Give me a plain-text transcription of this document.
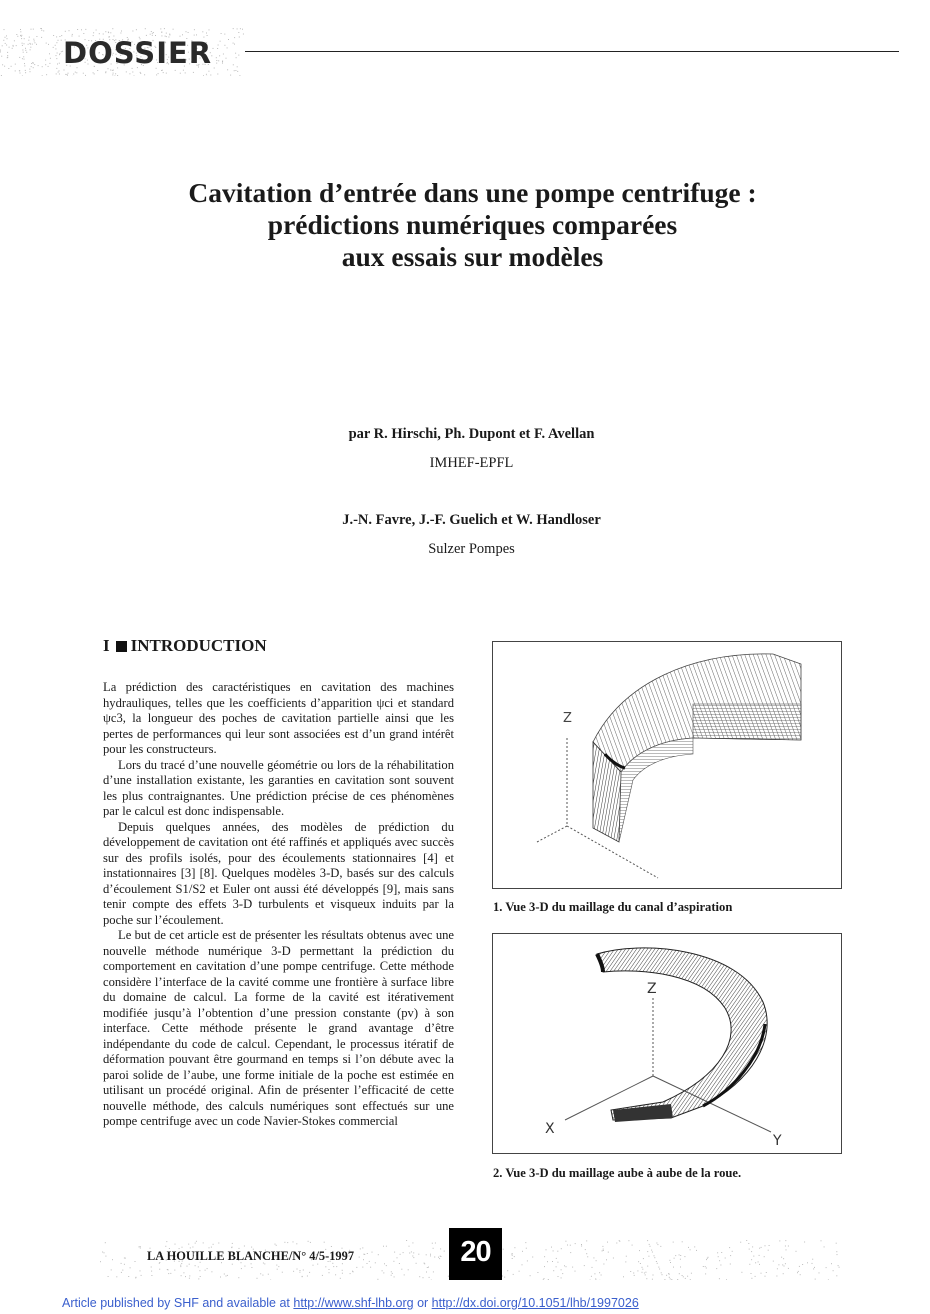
DOSSIER
Cavitation d’entrée dans une pompe centrifuge :
prédictions numériques comparées
aux essais sur modèles
par R. Hirschi, Ph. Dupont et F. Avellan
IMHEF-EPFL
J.-N. Favre, J.-F. Guelich et W. Handloser
Sulzer Pompes
I INTRODUCTION

La prédiction des caractéristiques en cavitation des machines hydrauliques, telles que les coefficients d’apparition ψci et standard ψc3, la longueur des poches de cavitation partielle ainsi que les pertes de performances qui leur sont associées est d’un grand intérêt pour les constructeurs.

Lors du tracé d’une nouvelle géométrie ou lors de la réhabilitation d’une installation existante, les garanties en cavitation sont souvent les plus contraignantes. Une prédiction précise de ces phénomènes par le calcul est donc indispensable.

Depuis quelques années, des modèles de prédiction du développement de cavitation ont été raffinés et appliqués avec succès sur des profils isolés, pour des écoulements stationnaires [4] et instationnaires [3] [8]. Quelques modèles 3-D, basés sur des calculs d’écoulement S1/S2 et Euler ont aussi été développés [9], mais sans tenir compte des effets 3-D turbulents et visqueux induits par la poche sur l’écoulement.

Le but de cet article est de présenter les résultats obtenus avec une nouvelle méthode numérique 3-D permettant la prédiction du comportement en cavitation d’une pompe centrifuge. Cette méthode considère l’interface de la cavité comme une frontière à surface libre du domaine de calcul. La forme de la cavité est itérativement modifiée jusqu’à l’obtention d’une pression constante (pv) à son interface. Cette méthode présente le grand avantage d’être indépendante du code de calcul. Cependant, le processus itératif de déformation pouvant être gourmand en temps si l’on débute avec la paroi solide de l’aube, une forme initiale de la poche est estimée en utilisant un procédé original. Afin de présenter l’efficacité de cette nouvelle méthode, des calculs numériques sont effectués sur une pompe centrifuge avec un code Navier-Stokes commercial

Z
1. Vue 3-D du maillage du canal d’aspiration
Z
X
Y
2. Vue 3-D du maillage aube à aube de la roue.
LA HOUILLE BLANCHE/N° 4/5-1997	20
Article published by SHF and available at http://www.shf-lhb.org or http://dx.doi.org/10.1051/lhb/1997026
